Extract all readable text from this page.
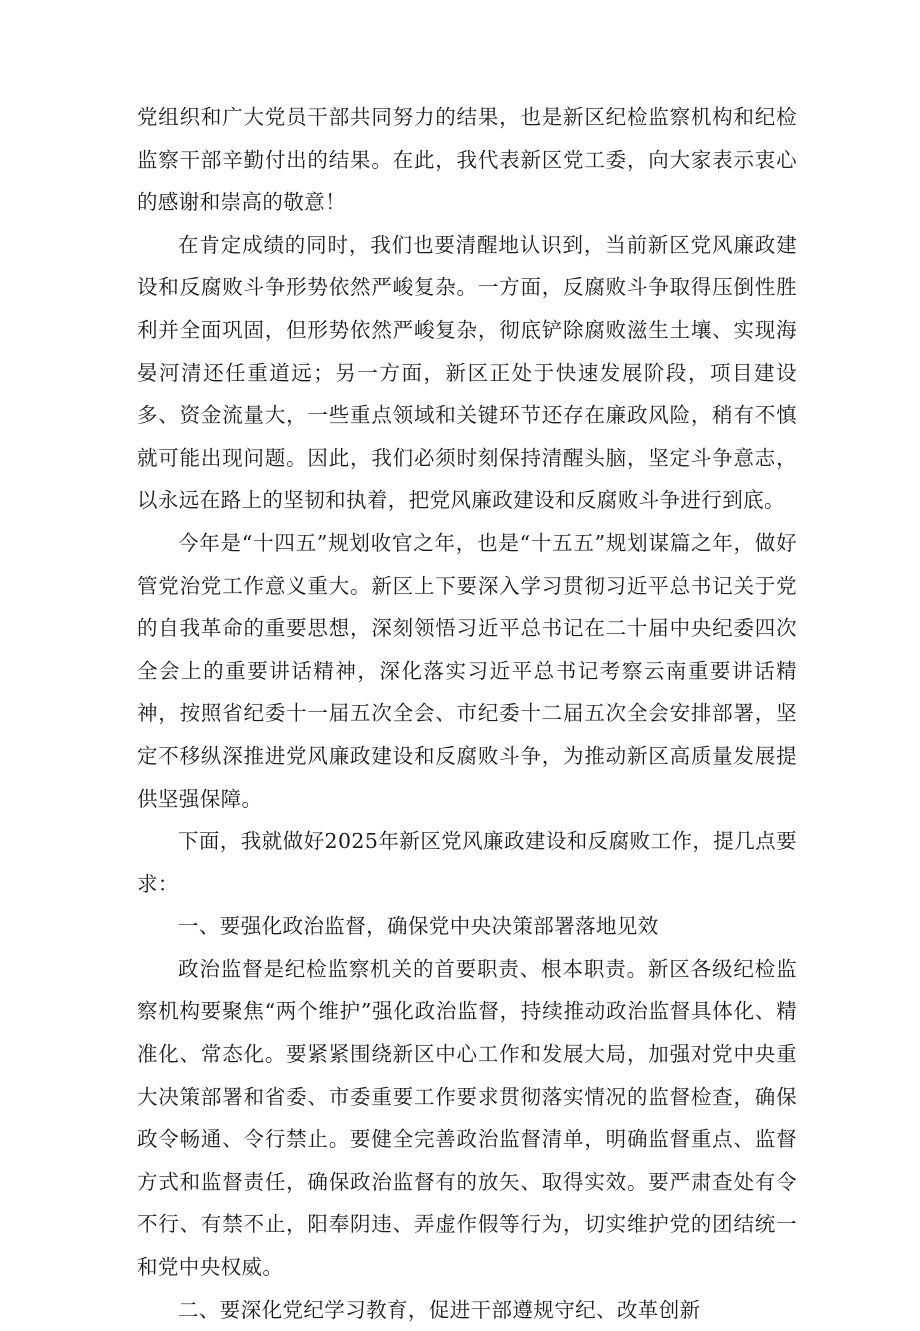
党组织和广大党员干部共同努力的结果，也是新区纪检监察机构和纪检监察干部辛勤付出的结果。在此，我代表新区党工委，向大家表示衷心的感谢和崇高的敬意！

在肯定成绩的同时，我们也要清醒地认识到，当前新区党风廉政建设和反腐败斗争形势依然严峻复杂。一方面，反腐败斗争取得压倒性胜利并全面巩固，但形势依然严峻复杂，彻底铲除腐败滋生土壤、实现海晏河清还任重道远；另一方面，新区正处于快速发展阶段，项目建设多、资金流量大，一些重点领域和关键环节还存在廉政风险，稍有不慎就可能出现问题。因此，我们必须时刻保持清醒头脑，坚定斗争意志，以永远在路上的坚韧和执着，把党风廉政建设和反腐败斗争进行到底。

今年是“十四五”规划收官之年，也是“十五五”规划谋篇之年，做好管党治党工作意义重大。新区上下要深入学习贯彻习近平总书记关于党的自我革命的重要思想，深刻领悟习近平总书记在二十届中央纪委四次全会上的重要讲话精神，深化落实习近平总书记考察云南重要讲话精神，按照省纪委十一届五次全会、市纪委十二届五次全会安排部署，坚定不移纵深推进党风廉政建设和反腐败斗争，为推动新区高质量发展提供坚强保障。

下面，我就做好2025年新区党风廉政建设和反腐败工作，提几点要求：

一、要强化政治监督，确保党中央决策部署落地见效

政治监督是纪检监察机关的首要职责、根本职责。新区各级纪检监察机构要聚焦“两个维护”强化政治监督，持续推动政治监督具体化、精准化、常态化。要紧紧围绕新区中心工作和发展大局，加强对党中央重大决策部署和省委、市委重要工作要求贯彻落实情况的监督检查，确保政令畅通、令行禁止。要健全完善政治监督清单，明确监督重点、监督方式和监督责任，确保政治监督有的放矢、取得实效。要严肃查处有令不行、有禁不止，阳奉阴违、弄虚作假等行为，切实维护党的团结统一和党中央权威。

二、要深化党纪学习教育，促进干部遵规守纪、改革创新
